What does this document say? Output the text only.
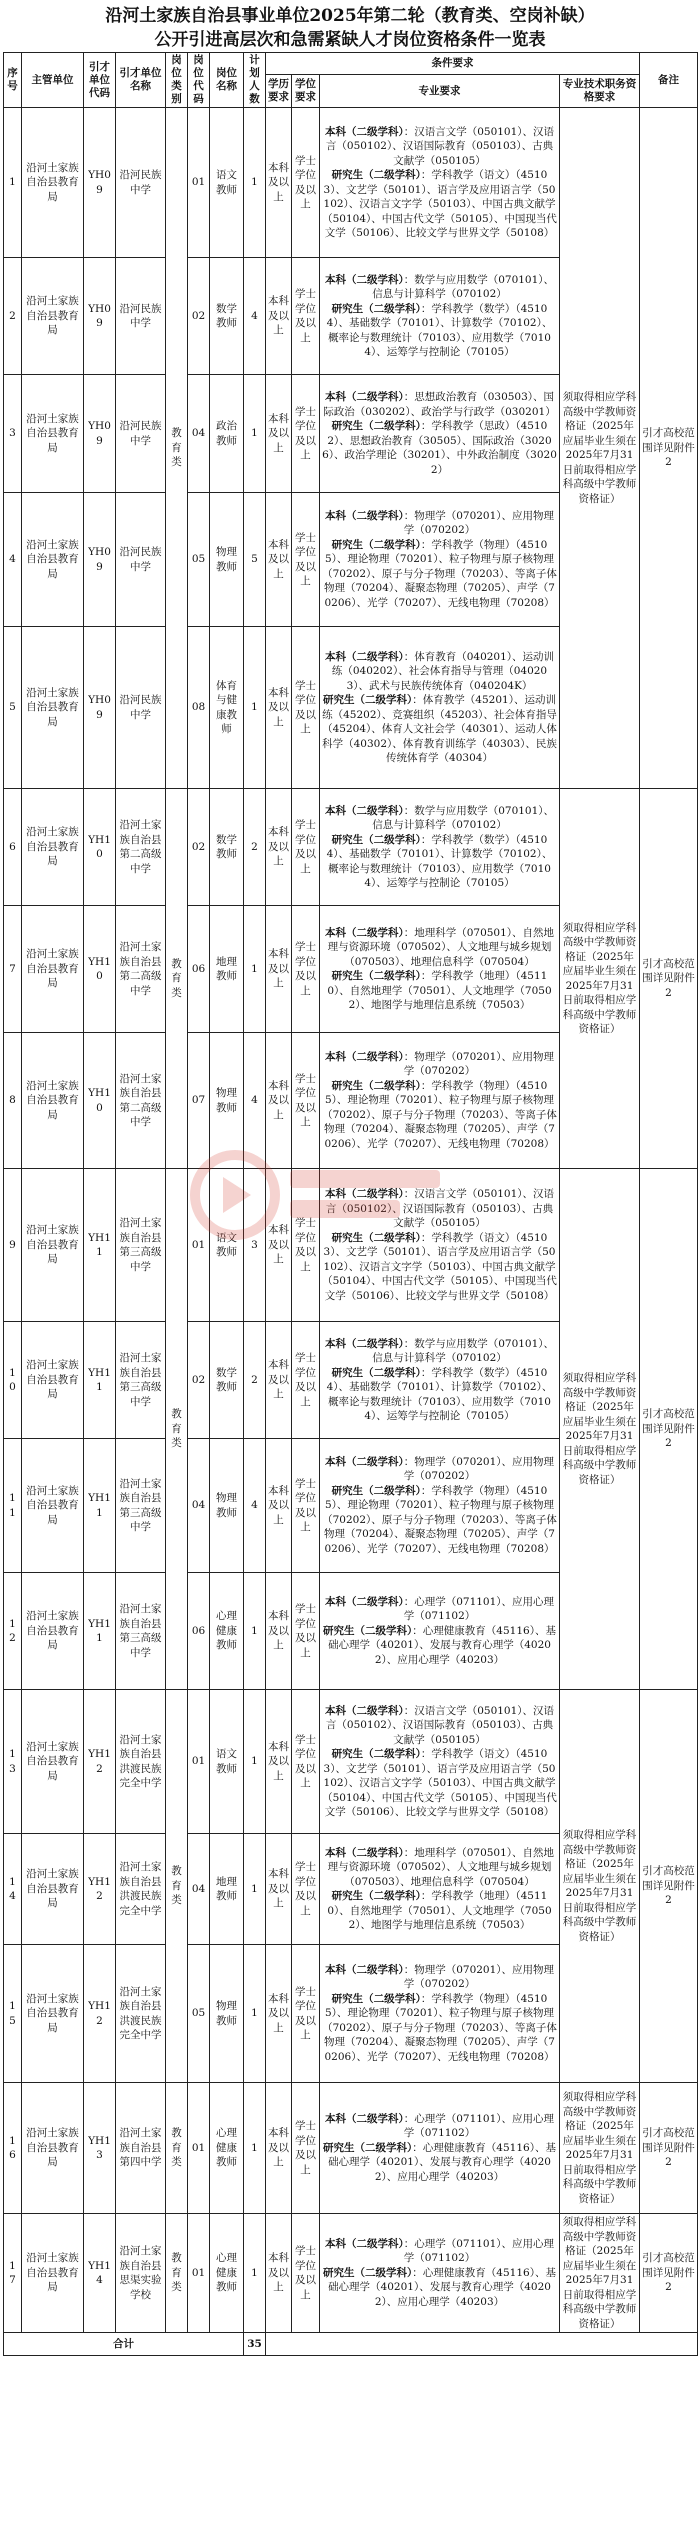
沿河土家族自治县事业单位2025年第二轮（教育类、空岗补缺）
公开引进高层次和急需紧缺人才岗位资格条件一览表
序号	主管单位	引才单位代码	引才单位名称	岗位类别	岗位代码	岗位名称	计划人数	条件要求				备注
								学历要求	学位要求	专业要求	专业技术职务资格要求	
1	沿河土家族自治县教育局	YH09	沿河民族中学	教育类	01	语文教师	1	本科及以上	学士学位及以上	本科（二级学科）：汉语言文学（050101）、汉语言（050102）、汉语国际教育（050103）、古典文献学（050105）
研究生（二级学科）：学科教学（语文）（45103）、文艺学（50101）、语言学及应用语言学（50102）、汉语言文字学（50103）、中国古典文献学（50104）、中国古代文学（50105）、中国现当代文学（50106）、比较文学与世界文学（50108）	须取得相应学科高级中学教师资格证（2025年应届毕业生须在2025年7月31日前取得相应学科高级中学教师资格证）	引才高校范围详见附件2
2	沿河土家族自治县教育局	YH09	沿河民族中学		02	数学教师	4	本科及以上	学士学位及以上	本科（二级学科）：数学与应用数学（070101）、信息与计算科学（070102）
研究生（二级学科）：学科教学（数学）（45104）、基础数学（70101）、计算数学（70102）、概率论与数理统计（70103）、应用数学（70104）、运筹学与控制论（70105）		
3	沿河土家族自治县教育局	YH09	沿河民族中学		04	政治教师	1	本科及以上	学士学位及以上	本科（二级学科）：思想政治教育（030503）、国际政治（030202）、政治学与行政学（030201）
研究生（二级学科）：学科教学（思政）（45102）、思想政治教育（30505）、国际政治（30206）、政治学理论（30201）、中外政治制度（30202）		
4	沿河土家族自治县教育局	YH09	沿河民族中学		05	物理教师	5	本科及以上	学士学位及以上	本科（二级学科）：物理学（070201）、应用物理学（070202）
研究生（二级学科）：学科教学（物理）（45105）、理论物理（70201）、粒子物理与原子核物理（70202）、原子与分子物理（70203）、等离子体物理（70204）、凝聚态物理（70205）、声学（70206）、光学（70207）、无线电物理（70208）		
5	沿河土家族自治县教育局	YH09	沿河民族中学		08	体育与健康教师	1	本科及以上	学士学位及以上	本科（二级学科）：体育教育（040201）、运动训练（040202）、社会体育指导与管理（040203）、武术与民族传统体育（040204K）
研究生（二级学科）：体育教学（45201）、运动训练（45202）、竞赛组织（45203）、社会体育指导（45204）、体育人文社会学（40301）、运动人体科学（40302）、体育教育训练学（40303）、民族传统体育学（40304）		
6	沿河土家族自治县教育局	YH10	沿河土家族自治县第二高级中学	教育类	02	数学教师	2	本科及以上	学士学位及以上	本科（二级学科）：数学与应用数学（070101）、信息与计算科学（070102）
研究生（二级学科）：学科教学（数学）（45104）、基础数学（70101）、计算数学（70102）、概率论与数理统计（70103）、应用数学（70104）、运筹学与控制论（70105）	须取得相应学科高级中学教师资格证（2025年应届毕业生须在2025年7月31日前取得相应学科高级中学教师资格证）	引才高校范围详见附件2
7	沿河土家族自治县教育局	YH10	沿河土家族自治县第二高级中学		06	地理教师	1	本科及以上	学士学位及以上	本科（二级学科）：地理科学（070501）、自然地理与资源环境（070502）、人文地理与城乡规划（070503）、地理信息科学（070504）
研究生（二级学科）：学科教学（地理）（45110）、自然地理学（70501）、人文地理学（70502）、地图学与地理信息系统（70503）		
8	沿河土家族自治县教育局	YH10	沿河土家族自治县第二高级中学		07	物理教师	4	本科及以上	学士学位及以上	本科（二级学科）：物理学（070201）、应用物理学（070202）
研究生（二级学科）：学科教学（物理）（45105）、理论物理（70201）、粒子物理与原子核物理（70202）、原子与分子物理（70203）、等离子体物理（70204）、凝聚态物理（70205）、声学（70206）、光学（70207）、无线电物理（70208）		
9	沿河土家族自治县教育局	YH11	沿河土家族自治县第三高级中学	教育类	01	语文教师	3	本科及以上	学士学位及以上	本科（二级学科）：汉语言文学（050101）、汉语言（050102）、汉语国际教育（050103）、古典文献学（050105）
研究生（二级学科）：学科教学（语文）（45103）、文艺学（50101）、语言学及应用语言学（50102）、汉语言文字学（50103）、中国古典文献学（50104）、中国古代文学（50105）、中国现当代文学（50106）、比较文学与世界文学（50108）	须取得相应学科高级中学教师资格证（2025年应届毕业生须在2025年7月31日前取得相应学科高级中学教师资格证）	引才高校范围详见附件2
10	沿河土家族自治县教育局	YH11	沿河土家族自治县第三高级中学		02	数学教师	2	本科及以上	学士学位及以上	本科（二级学科）：数学与应用数学（070101）、信息与计算科学（070102）
研究生（二级学科）：学科教学（数学）（45104）、基础数学（70101）、计算数学（70102）、概率论与数理统计（70103）、应用数学（70104）、运筹学与控制论（70105）		
11	沿河土家族自治县教育局	YH11	沿河土家族自治县第三高级中学		04	物理教师	4	本科及以上	学士学位及以上	本科（二级学科）：物理学（070201）、应用物理学（070202）
研究生（二级学科）：学科教学（物理）（45105）、理论物理（70201）、粒子物理与原子核物理（70202）、原子与分子物理（70203）、等离子体物理（70204）、凝聚态物理（70205）、声学（70206）、光学（70207）、无线电物理（70208）		
12	沿河土家族自治县教育局	YH11	沿河土家族自治县第三高级中学		06	心理健康教师	1	本科及以上	学士学位及以上	本科（二级学科）：心理学（071101）、应用心理学（071102）
研究生（二级学科）：心理健康教育（45116）、基础心理学（40201）、发展与教育心理学（40202）、应用心理学（40203）		
13	沿河土家族自治县教育局	YH12	沿河土家族自治县洪渡民族完全中学	教育类	01	语文教师	1	本科及以上	学士学位及以上	本科（二级学科）：汉语言文学（050101）、汉语言（050102）、汉语国际教育（050103）、古典文献学（050105）
研究生（二级学科）：学科教学（语文）（45103）、文艺学（50101）、语言学及应用语言学（50102）、汉语言文字学（50103）、中国古典文献学（50104）、中国古代文学（50105）、中国现当代文学（50106）、比较文学与世界文学（50108）	须取得相应学科高级中学教师资格证（2025年应届毕业生须在2025年7月31日前取得相应学科高级中学教师资格证）	引才高校范围详见附件2
14	沿河土家族自治县教育局	YH12	沿河土家族自治县洪渡民族完全中学		04	地理教师	1	本科及以上	学士学位及以上	本科（二级学科）：地理科学（070501）、自然地理与资源环境（070502）、人文地理与城乡规划（070503）、地理信息科学（070504）
研究生（二级学科）：学科教学（地理）（45110）、自然地理学（70501）、人文地理学（70502）、地图学与地理信息系统（70503）		
15	沿河土家族自治县教育局	YH12	沿河土家族自治县洪渡民族完全中学		05	物理教师	1	本科及以上	学士学位及以上	本科（二级学科）：物理学（070201）、应用物理学（070202）
研究生（二级学科）：学科教学（物理）（45105）、理论物理（70201）、粒子物理与原子核物理（70202）、原子与分子物理（70203）、等离子体物理（70204）、凝聚态物理（70205）、声学（70206）、光学（70207）、无线电物理（70208）		
16	沿河土家族自治县教育局	YH13	沿河土家族自治县第四中学	教育类	01	心理健康教师	1	本科及以上	学士学位及以上	本科（二级学科）：心理学（071101）、应用心理学（071102）
研究生（二级学科）：心理健康教育（45116）、基础心理学（40201）、发展与教育心理学（40202）、应用心理学（40203）	须取得相应学科高级中学教师资格证（2025年应届毕业生须在2025年7月31日前取得相应学科高级中学教师资格证）	引才高校范围详见附件2
17	沿河土家族自治县教育局	YH14	沿河土家族自治县思渠实验学校	教育类	01	心理健康教师	1	本科及以上	学士学位及以上	本科（二级学科）：心理学（071101）、应用心理学（071102）
研究生（二级学科）：心理健康教育（45116）、基础心理学（40201）、发展与教育心理学（40202）、应用心理学（40203）	须取得相应学科高级中学教师资格证（2025年应届毕业生须在2025年7月31日前取得相应学科高级中学教师资格证）	引才高校范围详见附件2
合计							35					
